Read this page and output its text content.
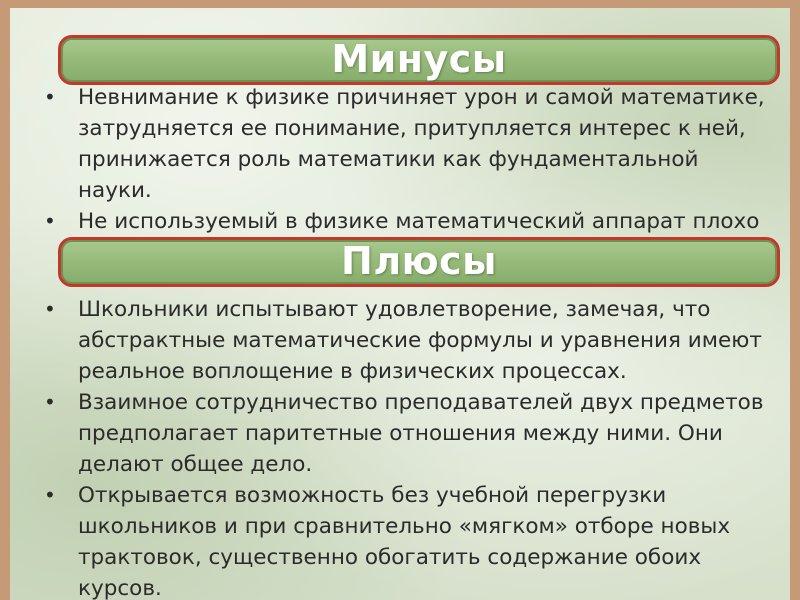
• Невнимание к физике причиняет урон и самой математике, затрудняется ее понимание, притупляется интерес к ней, принижается роль математики как фундаментальной науки.
• Не используемый в физике математический аппарат плохо
Минусы
Плюсы
• Школьники испытывают удовлетворение, замечая, что абстрактные математические формулы и уравнения имеют реальное воплощение в физических процессах.
• Взаимное сотрудничество преподавателей двух предметов предполагает паритетные отношения между ними. Они делают общее дело.
• Открывается возможность без учебной перегрузки школьников и при сравнительно «мягком» отборе новых трактовок, существенно обогатить содержание обоих курсов.
